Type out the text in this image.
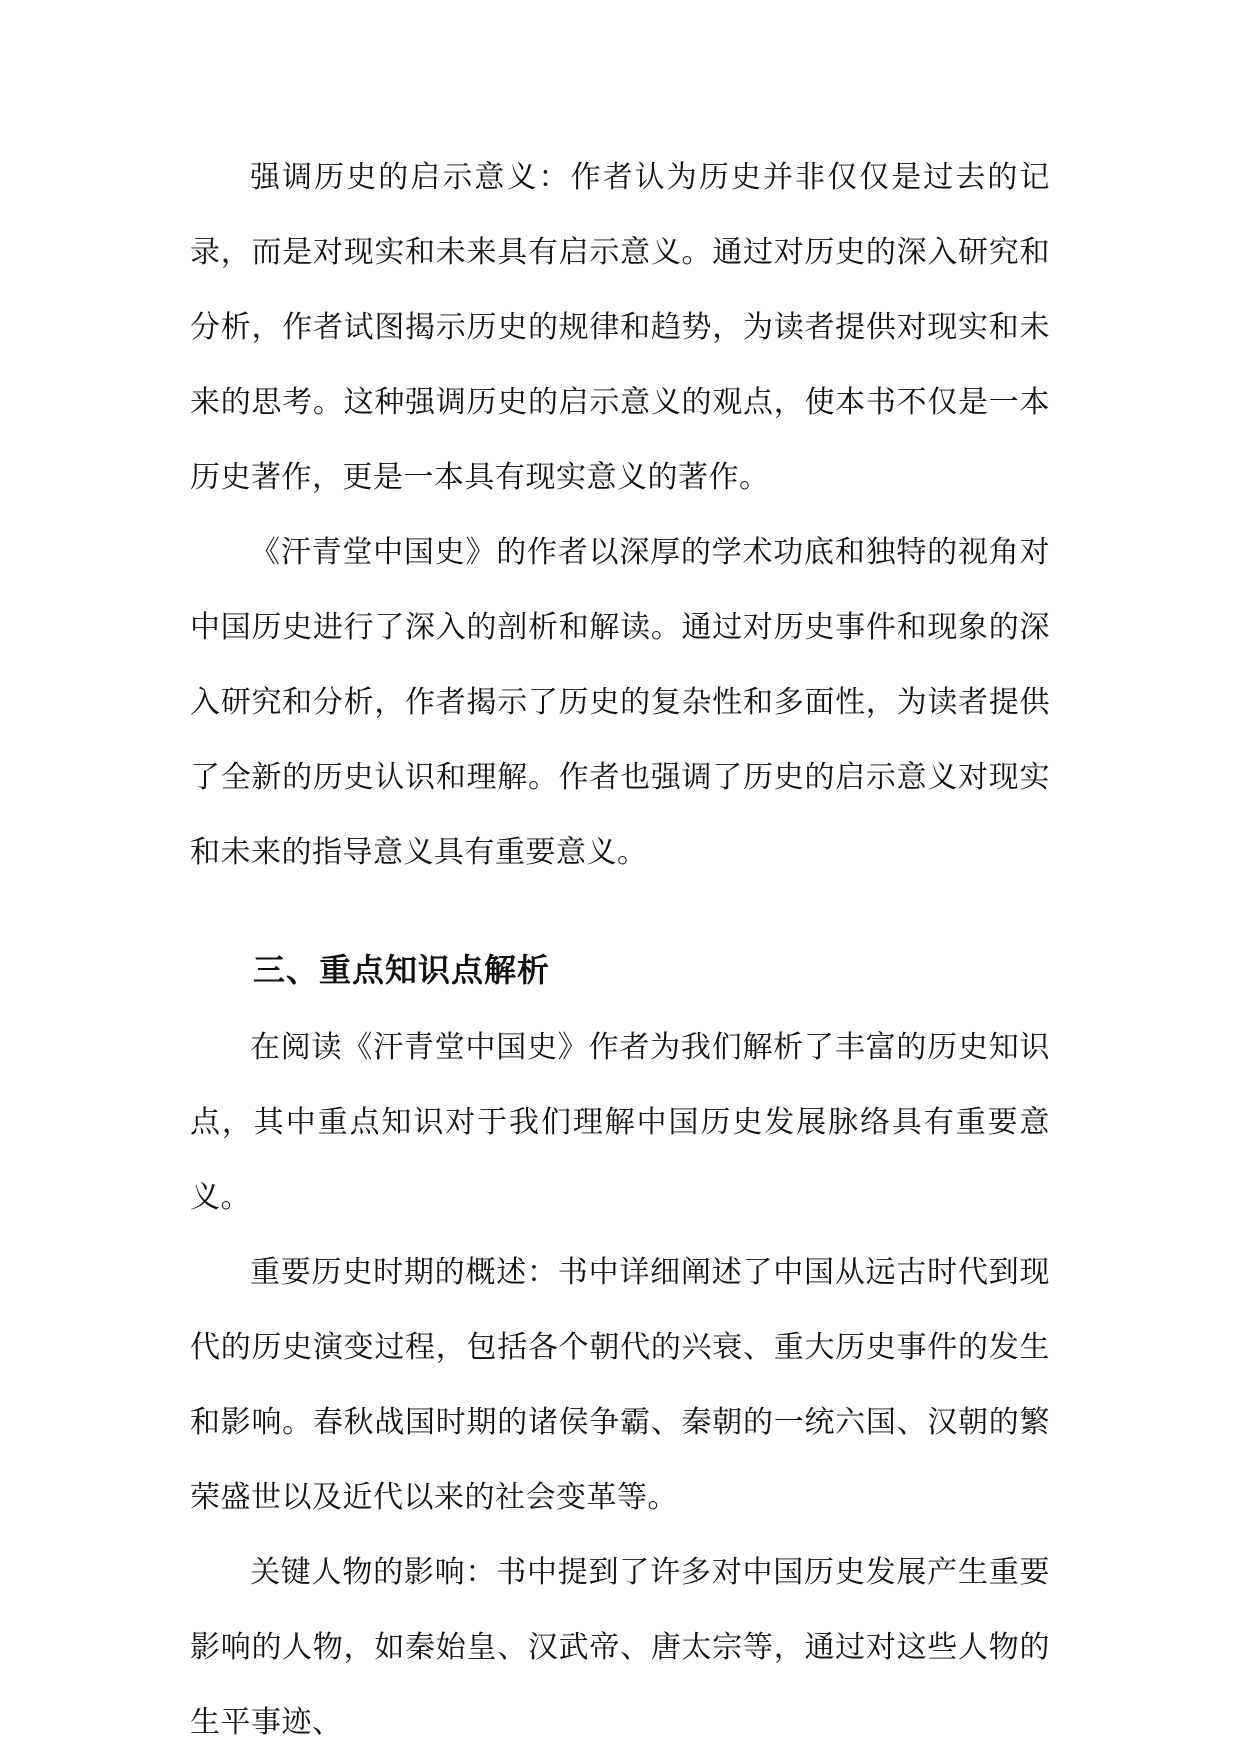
强调历史的启示意义：作者认为历史并非仅仅是过去的记录，而是对现实和未来具有启示意义。通过对历史的深入研究和分析，作者试图揭示历史的规律和趋势，为读者提供对现实和未来的思考。这种强调历史的启示意义的观点，使本书不仅是一本历史著作，更是一本具有现实意义的著作。

《汗青堂中国史》的作者以深厚的学术功底和独特的视角对中国历史进行了深入的剖析和解读。通过对历史事件和现象的深入研究和分析，作者揭示了历史的复杂性和多面性，为读者提供了全新的历史认识和理解。作者也强调了历史的启示意义对现实和未来的指导意义具有重要意义。

三、重点知识点解析

在阅读《汗青堂中国史》作者为我们解析了丰富的历史知识点，其中重点知识对于我们理解中国历史发展脉络具有重要意义。

重要历史时期的概述：书中详细阐述了中国从远古时代到现代的历史演变过程，包括各个朝代的兴衰、重大历史事件的发生和影响。春秋战国时期的诸侯争霸、秦朝的一统六国、汉朝的繁荣盛世以及近代以来的社会变革等。

关键人物的影响：书中提到了许多对中国历史发展产生重要影响的人物，如秦始皇、汉武帝、唐太宗等，通过对这些人物的生平事迹、
